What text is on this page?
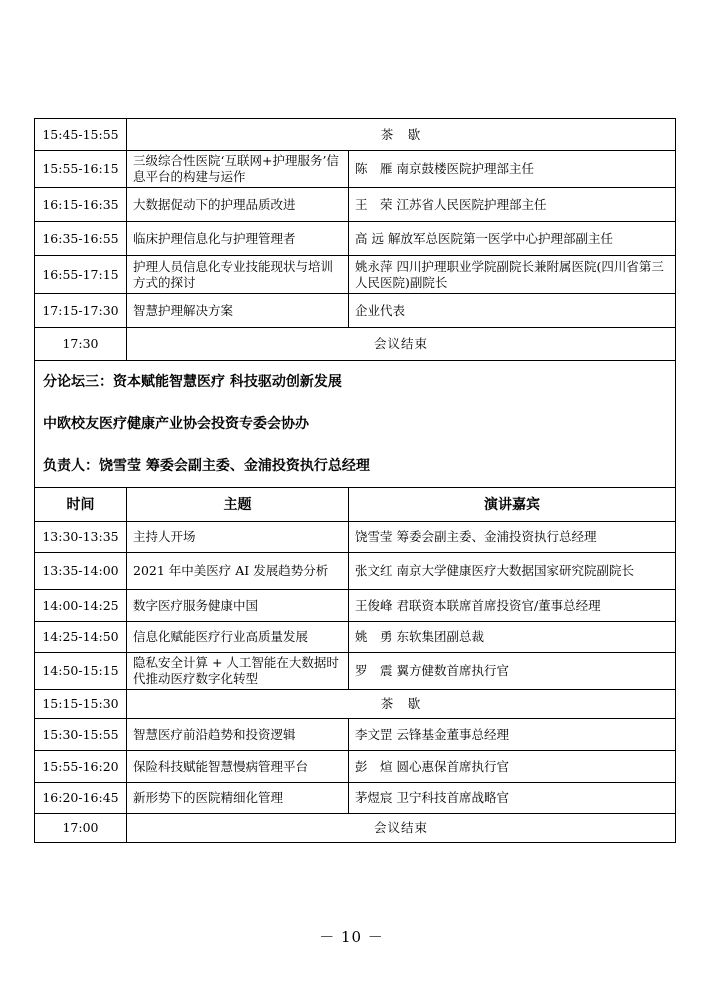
15:45-15:55	茶　歇	
15:55-16:15	三级综合性医院‘互联网+护理服务’信息平台的构建与运作	陈　雁 南京鼓楼医院护理部主任
16:15-16:35	大数据促动下的护理品质改进	王　荣 江苏省人民医院护理部主任
16:35-16:55	临床护理信息化与护理管理者	高 远 解放军总医院第一医学中心护理部副主任
16:55-17:15	护理人员信息化专业技能现状与培训方式的探讨	姚永萍 四川护理职业学院副院长兼附属医院(四川省第三人民医院)副院长
17:15-17:30	智慧护理解决方案	企业代表
17:30	会议结束	

分论坛三：资本赋能智慧医疗 科技驱动创新发展
中欧校友医疗健康产业协会投资专委会协办
负责人：饶雪莹 筹委会副主委、金浦投资执行总经理		

时间	主题	演讲嘉宾
13:30-13:35	主持人开场	饶雪莹 筹委会副主委、金浦投资执行总经理
13:35-14:00	2021 年中美医疗 AI 发展趋势分析	张文红 南京大学健康医疗大数据国家研究院副院长
14:00-14:25	数字医疗服务健康中国	王俊峰 君联资本联席首席投资官/董事总经理
14:25-14:50	信息化赋能医疗行业高质量发展	姚　勇 东软集团副总裁
14:50-15:15	隐私安全计算 + 人工智能在大数据时代推动医疗数字化转型	罗　震 翼方健数首席执行官
15:15-15:30	茶　歇	
15:30-15:55	智慧医疗前沿趋势和投资逻辑	李文罡 云锋基金董事总经理
15:55-16:20	保险科技赋能智慧慢病管理平台	彭　煊 圆心惠保首席执行官
16:20-16:45	新形势下的医院精细化管理	茅煜宸 卫宁科技首席战略官
17:00	会议结束	
－ 10 －
